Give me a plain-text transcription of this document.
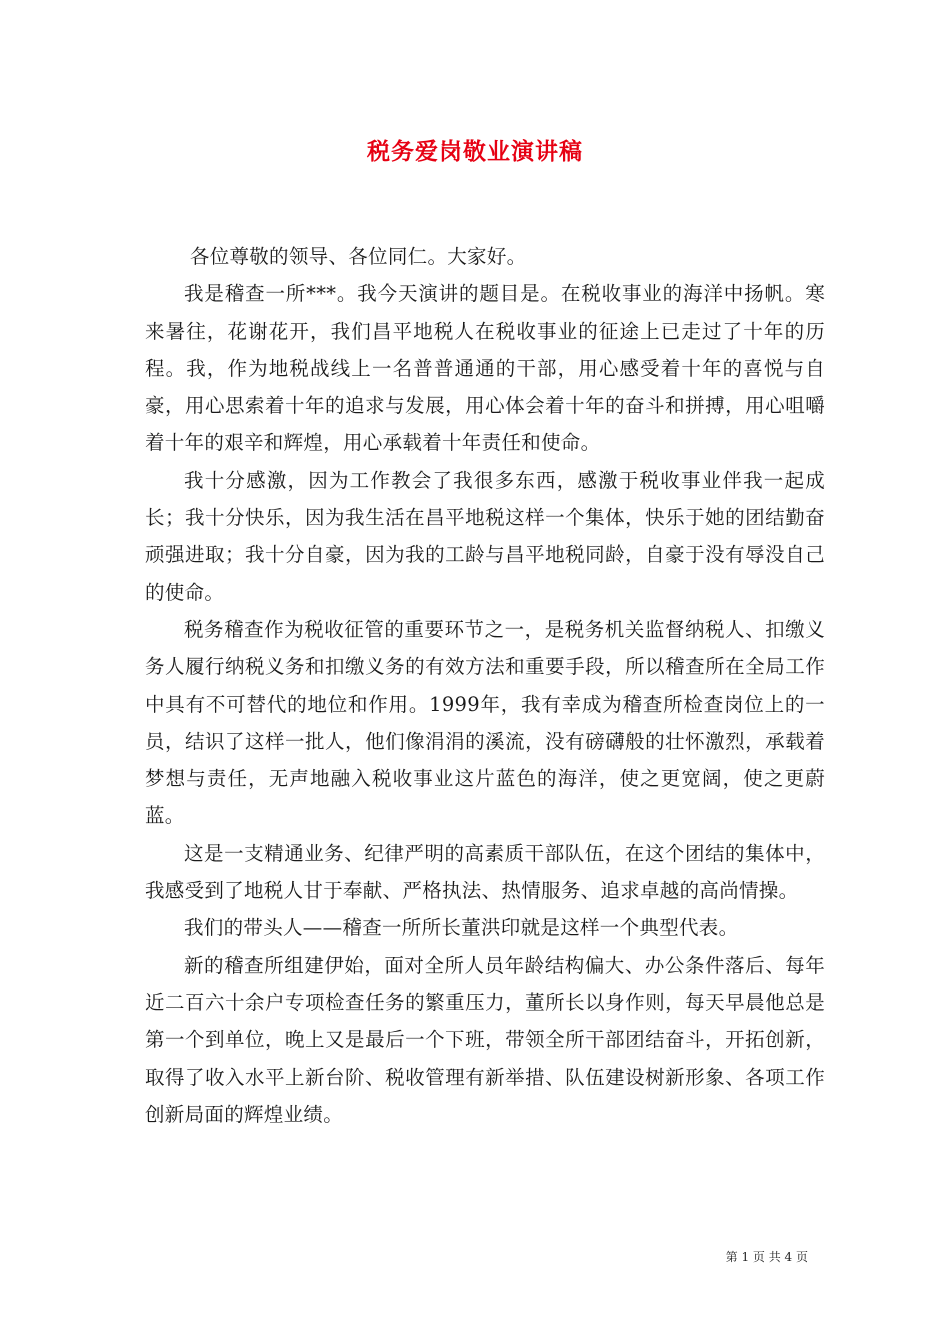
税务爱岗敬业演讲稿

各位尊敬的领导、各位同仁。大家好。

我是稽查一所***。我今天演讲的题目是。在税收事业的海洋中扬帆。寒来暑往，花谢花开，我们昌平地税人在税收事业的征途上已走过了十年的历程。我，作为地税战线上一名普普通通的干部，用心感受着十年的喜悦与自豪，用心思索着十年的追求与发展，用心体会着十年的奋斗和拼搏，用心咀嚼着十年的艰辛和辉煌，用心承载着十年责任和使命。

我十分感激，因为工作教会了我很多东西，感激于税收事业伴我一起成长；我十分快乐，因为我生活在昌平地税这样一个集体，快乐于她的团结勤奋顽强进取；我十分自豪，因为我的工龄与昌平地税同龄，自豪于没有辱没自己的使命。

税务稽查作为税收征管的重要环节之一，是税务机关监督纳税人、扣缴义务人履行纳税义务和扣缴义务的有效方法和重要手段，所以稽查所在全局工作中具有不可替代的地位和作用。1999年，我有幸成为稽查所检查岗位上的一员，结识了这样一批人，他们像涓涓的溪流，没有磅礴般的壮怀激烈，承载着梦想与责任，无声地融入税收事业这片蓝色的海洋，使之更宽阔，使之更蔚蓝。

这是一支精通业务、纪律严明的高素质干部队伍，在这个团结的集体中，我感受到了地税人甘于奉献、严格执法、热情服务、追求卓越的高尚情操。

我们的带头人——稽查一所所长董洪印就是这样一个典型代表。

新的稽查所组建伊始，面对全所人员年龄结构偏大、办公条件落后、每年近二百六十余户专项检查任务的繁重压力，董所长以身作则，每天早晨他总是第一个到单位，晚上又是最后一个下班，带领全所干部团结奋斗，开拓创新，取得了收入水平上新台阶、税收管理有新举措、队伍建设树新形象、各项工作创新局面的辉煌业绩。

第 1 页 共 4 页
